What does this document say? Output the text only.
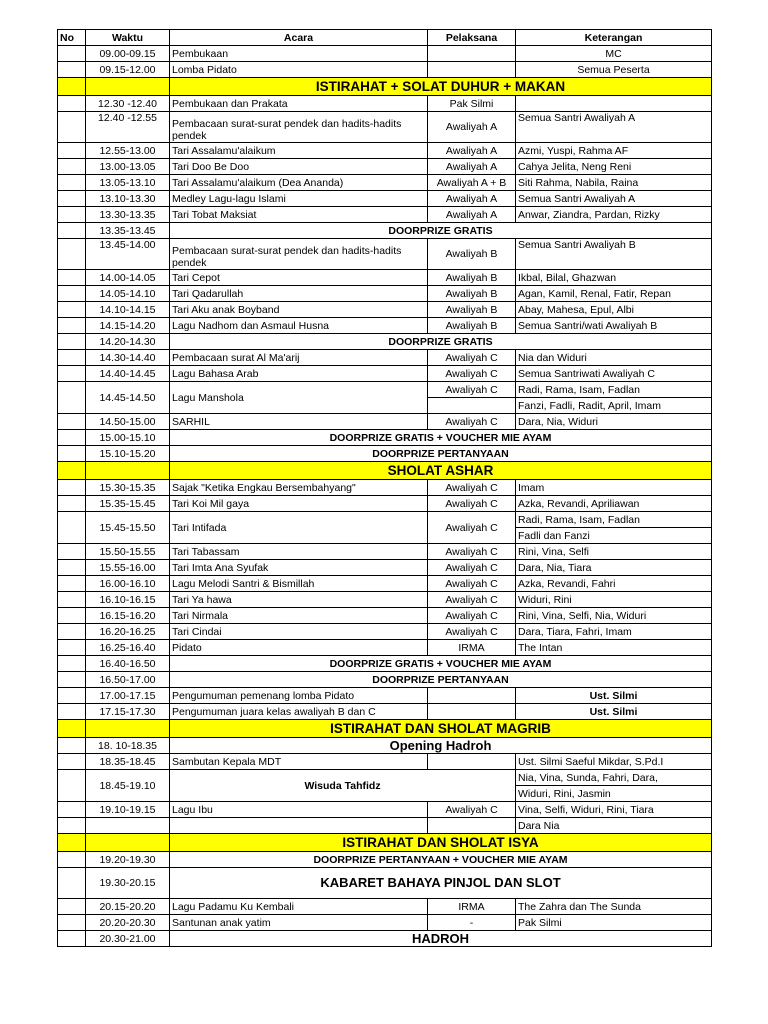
No	Waktu	Acara	Pelaksana	Keterangan
	09.00-09.15	Pembukaan		MC
	09.15-12.00	Lomba Pidato		Semua Peserta
		ISTIRAHAT + SOLAT DUHUR + MAKAN		
	12.30 -12.40	Pembukaan dan Prakata	Pak Silmi	
	12.40 -12.55	Pembacaan surat-surat pendek dan hadits-hadits pendek	Awaliyah A	Semua Santri Awaliyah A
	12.55-13.00	Tari Assalamu'alaikum	Awaliyah A	Azmi, Yuspi, Rahma AF
	13.00-13.05	Tari Doo Be Doo	Awaliyah A	Cahya Jelita, Neng Reni
	13.05-13.10	Tari Assalamu'alaikum (Dea Ananda)	Awaliyah A + B	Siti Rahma, Nabila, Raina
	13.10-13.30	Medley Lagu-lagu Islami	Awaliyah A	Semua Santri Awaliyah A
	13.30-13.35	Tari Tobat Maksiat	Awaliyah A	Anwar, Ziandra, Pardan, Rizky
	13.35-13.45	DOORPRIZE GRATIS		
	13.45-14.00	Pembacaan surat-surat pendek dan hadits-hadits pendek	Awaliyah B	Semua Santri Awaliyah B
	14.00-14.05	Tari Cepot	Awaliyah B	Ikbal, Bilal, Ghazwan
	14.05-14.10	Tari Qadarullah	Awaliyah B	Agan, Kamil, Renal, Fatir, Repan
	14.10-14.15	Tari Aku anak Boyband	Awaliyah B	Abay, Mahesa, Epul, Albi
	14.15-14.20	Lagu Nadhom dan Asmaul Husna	Awaliyah B	Semua Santri/wati Awaliyah B
	14.20-14.30	DOORPRIZE GRATIS		
	14.30-14.40	Pembacaan surat Al Ma'arij	Awaliyah C	Nia dan Widuri
	14.40-14.45	Lagu Bahasa Arab	Awaliyah C	Semua Santriwati Awaliyah C
	14.45-14.50	Lagu Manshola	Awaliyah C	Radi, Rama, Isam, Fadlan
				Fanzi, Fadli, Radit, April, Imam
	14.50-15.00	SARHIL	Awaliyah C	Dara, Nia, Widuri
	15.00-15.10	DOORPRIZE GRATIS + VOUCHER MIE AYAM		
	15.10-15.20	DOORPRIZE PERTANYAAN		
		SHOLAT ASHAR		
	15.30-15.35	Sajak "Ketika Engkau Bersembahyang"	Awaliyah C	Imam
	15.35-15.45	Tari Koi Mil gaya	Awaliyah C	Azka, Revandi, Apriliawan
	15.45-15.50	Tari Intifada	Awaliyah C	Radi, Rama, Isam, Fadlan
				Fadli dan Fanzi
	15.50-15.55	Tari Tabassam	Awaliyah C	Rini, Vina, Selfi
	15.55-16.00	Tari Imta Ana Syufak	Awaliyah C	Dara, Nia, Tiara
	16.00-16.10	Lagu Melodi Santri & Bismillah	Awaliyah C	Azka, Revandi, Fahri
	16.10-16.15	Tari Ya hawa	Awaliyah C	Widuri, Rini
	16.15-16.20	Tari Nirmala	Awaliyah C	Rini, Vina, Selfi, Nia, Widuri
	16.20-16.25	Tari Cindai	Awaliyah C	Dara, Tiara, Fahri, Imam
	16.25-16.40	Pidato	IRMA	The Intan
	16.40-16.50	DOORPRIZE GRATIS + VOUCHER MIE AYAM		
	16.50-17.00	DOORPRIZE PERTANYAAN		
	17.00-17.15	Pengumuman pemenang lomba Pidato		Ust. Silmi
	17.15-17.30	Pengumuman juara kelas awaliyah B dan C		Ust. Silmi
		ISTIRAHAT DAN SHOLAT MAGRIB		
	18. 10-18.35	Opening Hadroh		
	18.35-18.45	Sambutan Kepala MDT		Ust. Silmi Saeful Mikdar, S.Pd.I
	18.45-19.10	Wisuda Tahfidz		Nia, Vina, Sunda, Fahri, Dara,
				Widuri, Rini, Jasmin
	19.10-19.15	Lagu Ibu	Awaliyah C	Vina, Selfi, Widuri, Rini, Tiara
				Dara Nia
		ISTIRAHAT DAN SHOLAT ISYA		
	19.20-19.30	DOORPRIZE PERTANYAAN + VOUCHER MIE AYAM		
	19.30-20.15	KABARET BAHAYA PINJOL DAN SLOT		
	20.15-20.20	Lagu Padamu Ku Kembali	IRMA	The Zahra dan The Sunda
	20.20-20.30	Santunan anak yatim	-	Pak Silmi
	20.30-21.00	HADROH		
